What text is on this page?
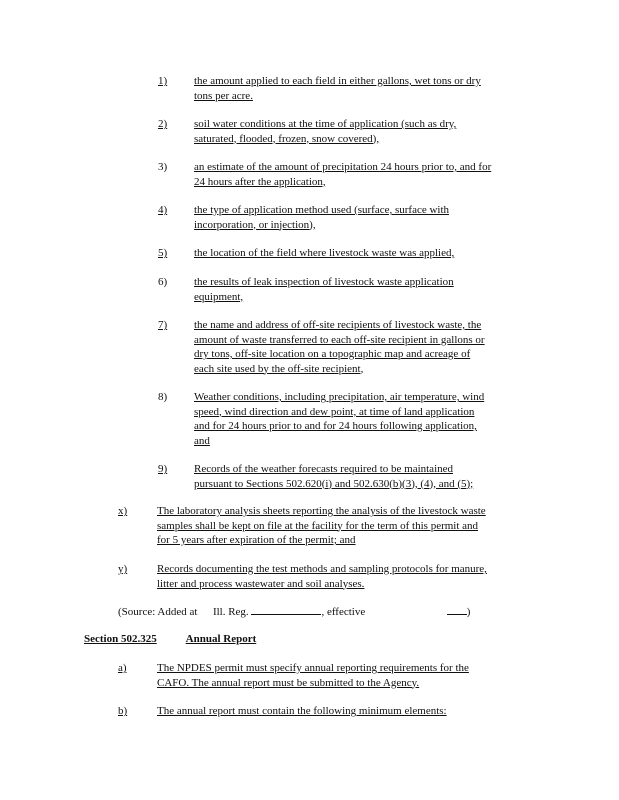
1) the amount applied to each field in either gallons, wet tons or dry
tons per acre.
2) soil water conditions at the time of application (such as dry,
saturated, flooded, frozen, snow covered),
3) an estimate of the amount of precipitation 24 hours prior to, and for
24 hours after the application,
4) the type of application method used (surface, surface with
incorporation, or injection),
5) the location of the field where livestock waste was applied,
6) the results of leak inspection of livestock waste application
equipment,
7) the name and address of off-site recipients of livestock waste, the
amount of waste transferred to each off-site recipient in gallons or
dry tons, off-site location on a topographic map and acreage of
each site used by the off-site recipient,
8) Weather conditions, including precipitation, air temperature, wind
speed, wind direction and dew point, at time of land application
and for 24 hours prior to and for 24 hours following application,
and
9) Records of the weather forecasts required to be maintained
pursuant to Sections 502.620(i) and 502.630(b)(3), (4), and (5);
x)	The laboratory analysis sheets reporting the analysis of the livestock waste
samples shall be kept on file at the facility for the term of this permit and
for 5 years after expiration of the permit; and
y)	Records documenting the test methods and sampling protocols for manure,
litter and process wastewater and soil analyses.
(Source: Added at Ill. Reg.	, effective	)
Section 502.325	Annual Report
a)	The NPDES permit must specify annual reporting requirements for the
CAFO. The annual report must be submitted to the Agency.
b)	The annual report must contain the following minimum elements:
